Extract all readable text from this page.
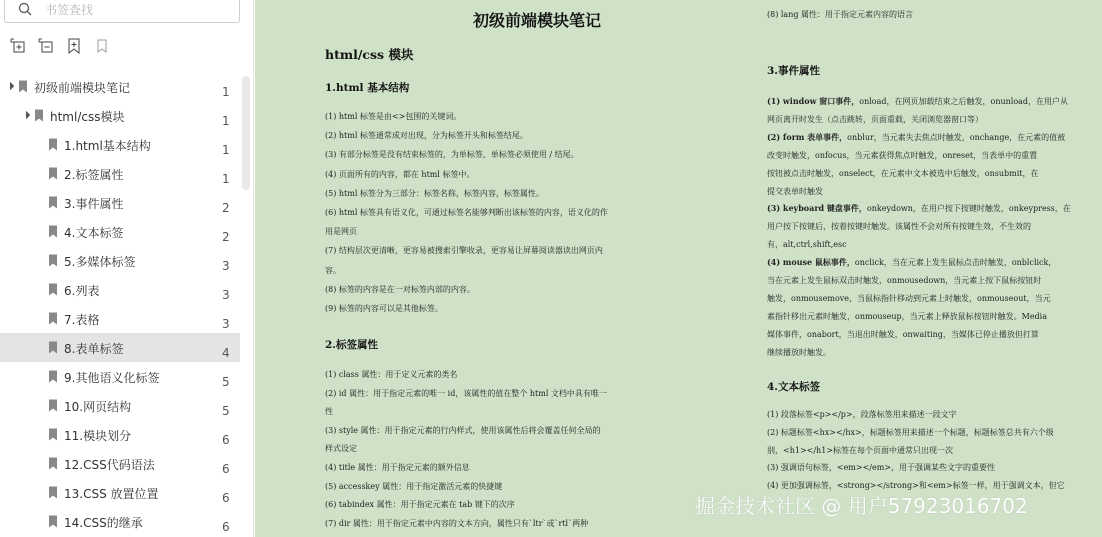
书签查找
初级前端模块笔记	1
html/css模块	1
1.html基本结构	1
2.标签属性	1
3.事件属性	2
4.文本标签	2
5.多媒体标签	3
6.列表	3
7.表格	3
8.表单标签	4
9.其他语义化标签	5
10.网页结构	5
11.模块划分	6
12.CSS代码语法	6
13.CSS 放置位置	6
14.CSS的继承	6
初级前端模块笔记
html/css 模块
1.html 基本结构
(1) html 标签是由<>包围的关键词。
(2) html 标签通常成对出现，分为标签开头和标签结尾。
(3) 有部分标签是没有结束标签的，为单标签，单标签必须使用 / 结尾。
(4) 页面所有的内容，都在 html 标签中。
(5) html 标签分为三部分：标签名称，标签内容，标签属性。
(6) html 标签具有语义化，可通过标签名能够判断出该标签的内容，语义化的作
用是网页
(7) 结构层次更清晰，更容易被搜索引擎收录，更容易让屏幕阅读器读出网页内
容。
(8) 标签的内容是在一对标签内部的内容。
(9) 标签的内容可以是其他标签。
2.标签属性
(1) class 属性：用于定义元素的类名
(2) id 属性：用于指定元素的唯一 id，该属性的值在整个 html 文档中具有唯一
性
(3) style 属性：用于指定元素的行内样式，使用该属性后将会覆盖任何全局的
样式设定
(4) title 属性：用于指定元素的额外信息
(5) accesskey 属性：用于指定激活元素的快捷键
(6) tabindex 属性：用于指定元素在 tab 键下的次序
(7) dir 属性：用于指定元素中内容的文本方向，属性只有`ltr`或`rtl`两种
(8) lang 属性：用于指定元素内容的语言
3.事件属性
(1) window 窗口事件，onload，在网页加载结束之后触发，onunload，在用户从
网页离开时发生（点击跳转，页面重载，关闭浏览器窗口等）
(2) form 表单事件，onblur，当元素失去焦点时触发，onchange，在元素的值被
改变时触发，onfocus，当元素获得焦点时触发，onreset，当表单中的重置
按钮被点击时触发，onselect，在元素中文本被选中后触发，onsubmit，在
提交表单时触发
(3) keyboard 键盘事件，onkeydown，在用户按下按键时触发，onkeypress，在
用户按下按键后，按着按键时触发。该属性不会对所有按键生效，不生效的
有，alt,ctrl,shift,esc
(4) mouse 鼠标事件，onclick，当在元素上发生鼠标点击时触发，onblclick，
当在元素上发生鼠标双击时触发，onmousedown，当元素上按下鼠标按钮时
触发，onmousemove，当鼠标指针移动到元素上时触发，onmouseout，当元
素指针移出元素时触发，onmouseup，当元素上释放鼠标按钮时触发。Media
媒体事件，onabort，当退出时触发，onwaiting，当媒体已停止播放但打算
继续播放时触发。
4.文本标签
(1) 段落标签<p></p>，段落标签用来描述一段文字
(2) 标题标签<hx></hx>，标题标签用来描述一个标题，标题标签总共有六个级
别，<h1></h1>标签在每个页面中通常只出现一次
(3) 强调语句标签，<em></em>，用于强调某些文字的重要性
(4) 更加强调标签，<strong></strong>和<em>标签一样，用于强调文本，但它
掘金技术社区 @ 用户57923016702
